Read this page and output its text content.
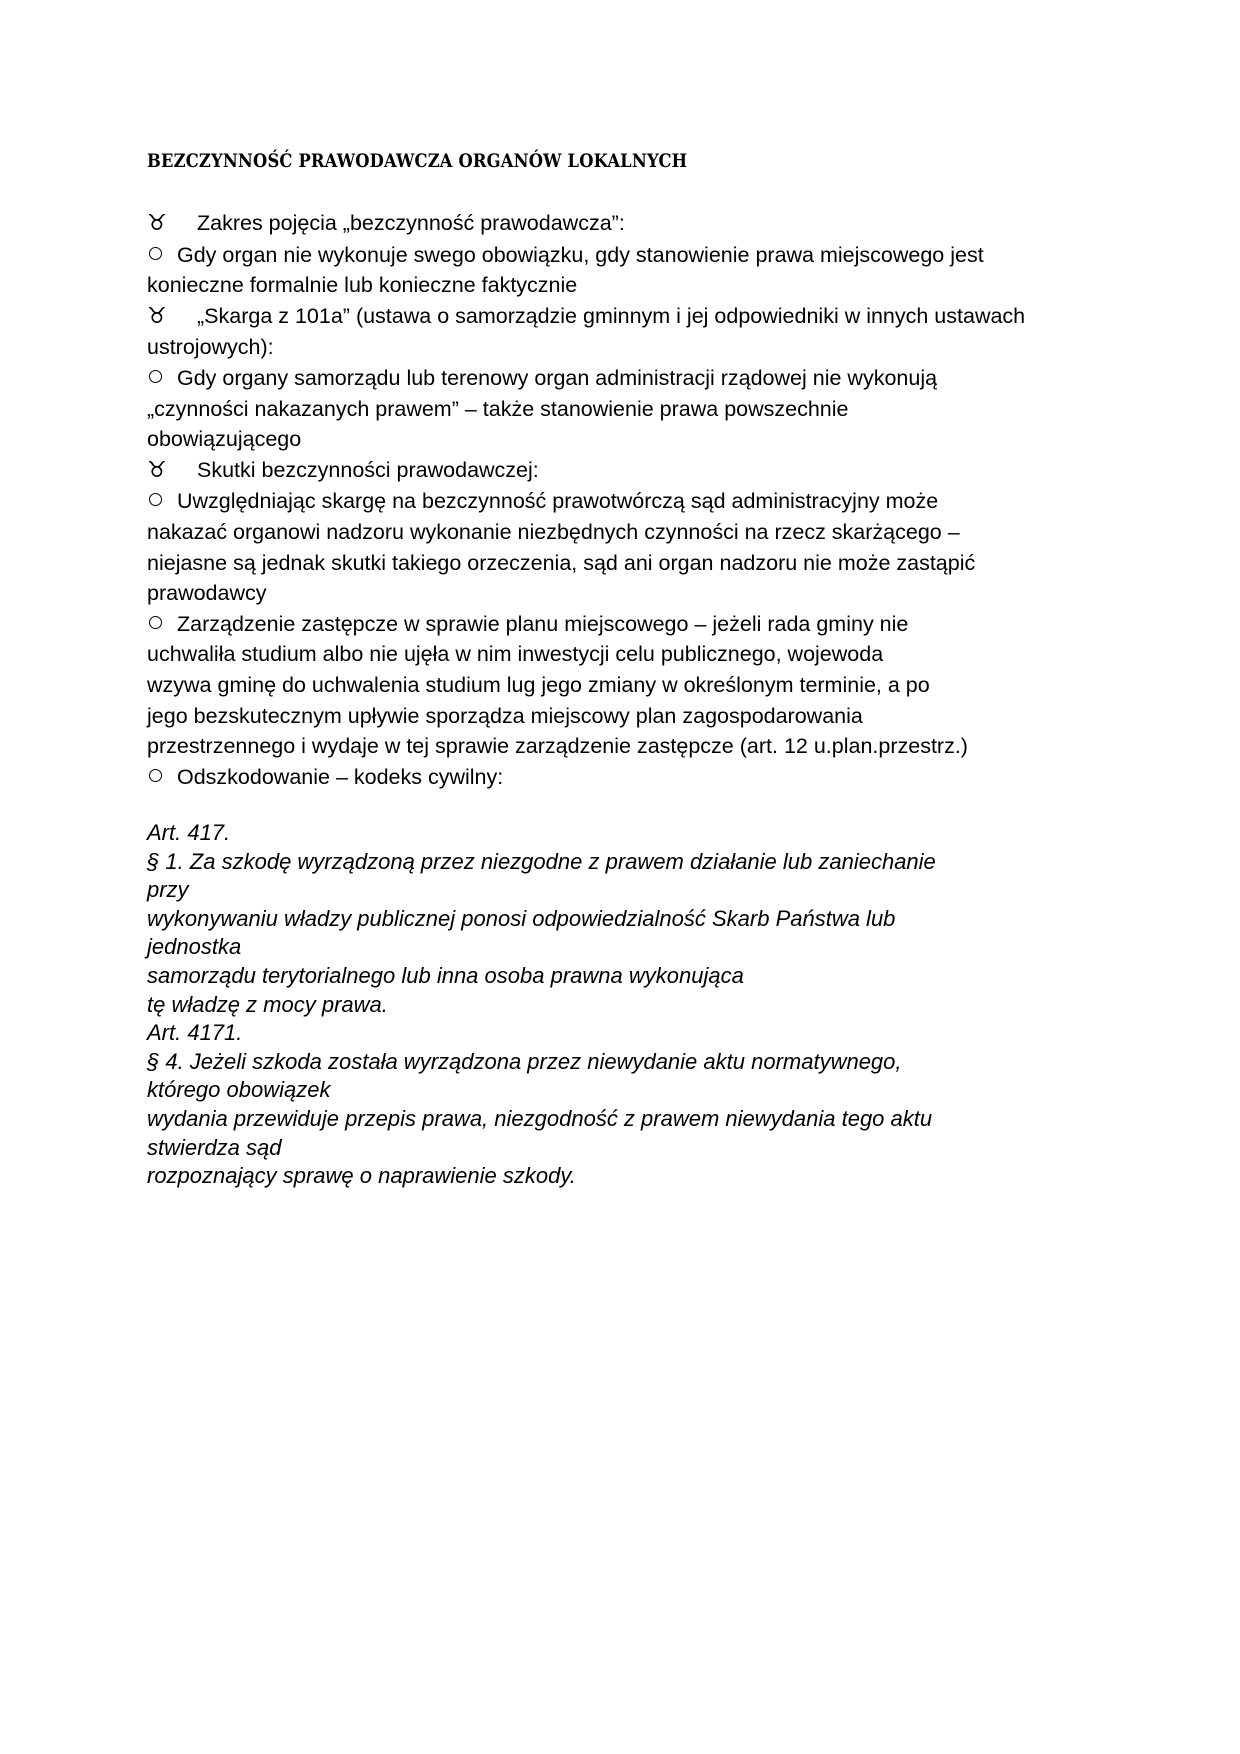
BEZCZYNNOŚĆ PRAWODAWCZA ORGANÓW LOKALNYCH
♉ Zakres pojęcia „bezczynność prawodawcza”:
Gdy organ nie wykonuje swego obowiązku, gdy stanowienie prawa miejscowego jest
konieczne formalnie lub konieczne faktycznie
♉ „Skarga z 101a” (ustawa o samorządzie gminnym i jej odpowiedniki w innych ustawach
ustrojowych):
Gdy organy samorządu lub terenowy organ administracji rządowej nie wykonują
„czynności nakazanych prawem” – także stanowienie prawa powszechnie
obowiązującego
♉ Skutki bezczynności prawodawczej:
Uwzględniając skargę na bezczynność prawotwórczą sąd administracyjny może
nakazać organowi nadzoru wykonanie niezbędnych czynności na rzecz skarżącego –
niejasne są jednak skutki takiego orzeczenia, sąd ani organ nadzoru nie może zastąpić
prawodawcy
Zarządzenie zastępcze w sprawie planu miejscowego – jeżeli rada gminy nie
uchwaliła studium albo nie ujęła w nim inwestycji celu publicznego, wojewoda
wzywa gminę do uchwalenia studium lug jego zmiany w określonym terminie, a po
jego bezskutecznym upływie sporządza miejscowy plan zagospodarowania
przestrzennego i wydaje w tej sprawie zarządzenie zastępcze (art. 12 u.plan.przestrz.)
Odszkodowanie – kodeks cywilny:
Art. 417.
§ 1. Za szkodę wyrządzoną przez niezgodne z prawem działanie lub zaniechanie
przy
wykonywaniu władzy publicznej ponosi odpowiedzialność Skarb Państwa lub
jednostka
samorządu terytorialnego lub inna osoba prawna wykonująca
tę władzę z mocy prawa.
Art. 4171.
§ 4. Jeżeli szkoda została wyrządzona przez niewydanie aktu normatywnego,
którego obowiązek
wydania przewiduje przepis prawa, niezgodność z prawem niewydania tego aktu
stwierdza sąd
rozpoznający sprawę o naprawienie szkody.
